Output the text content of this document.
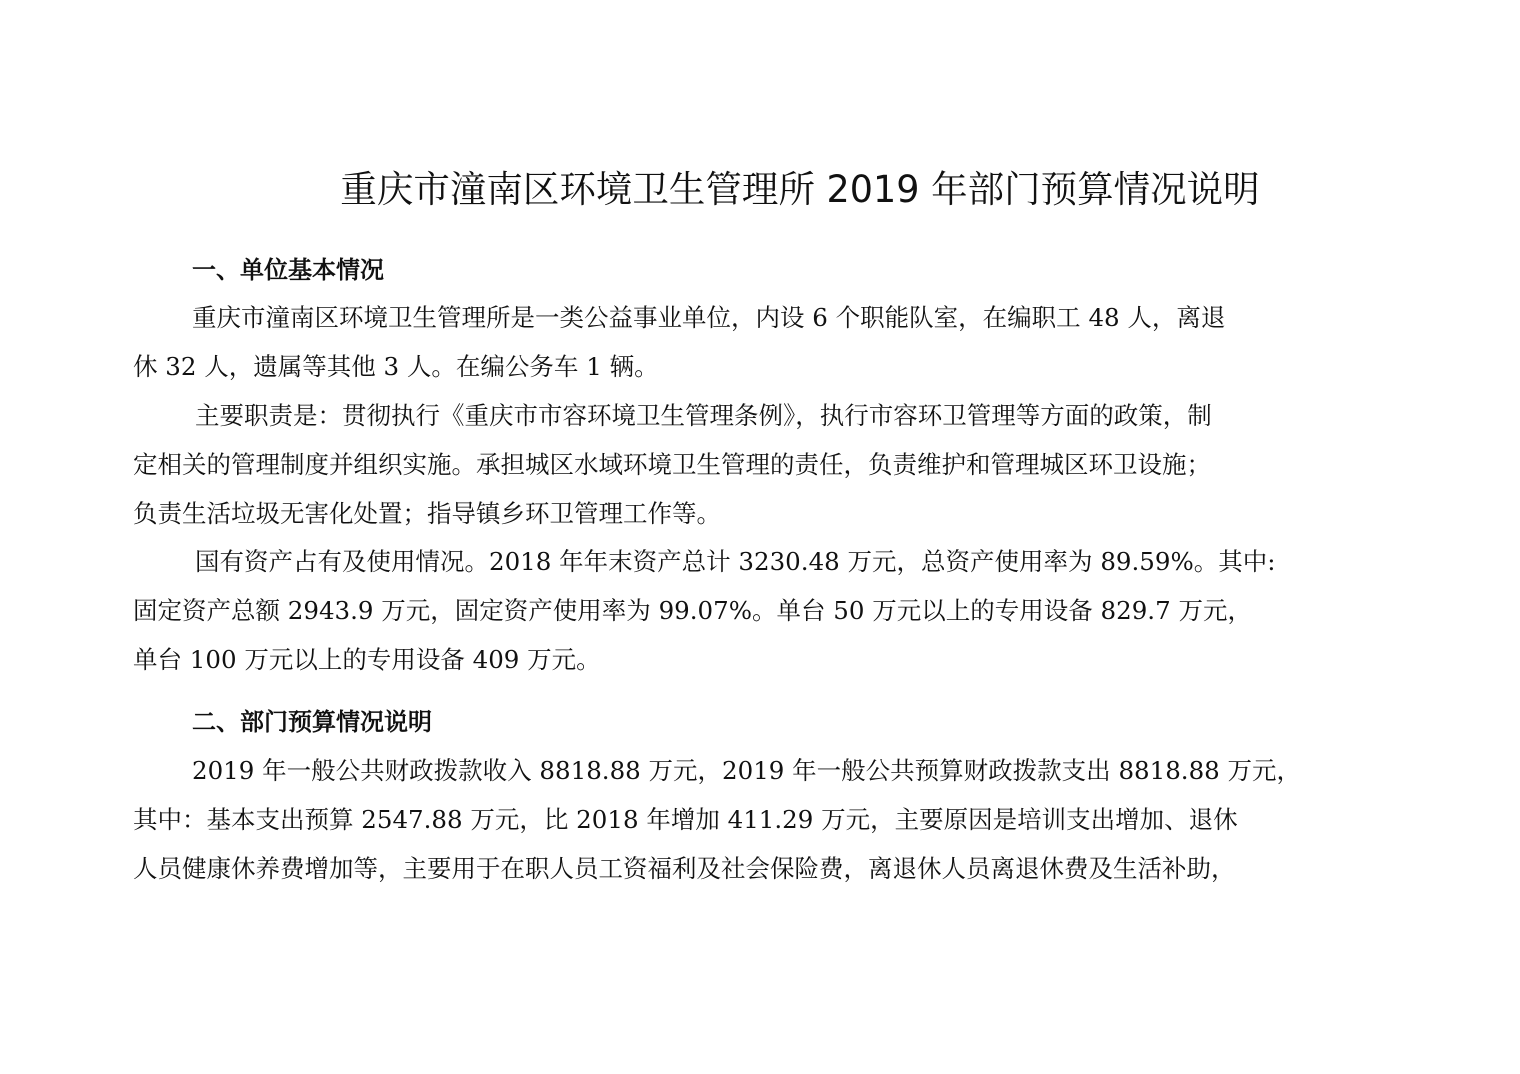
重庆市潼南区环境卫生管理所 2019 年部门预算情况说明
一、单位基本情况
重庆市潼南区环境卫生管理所是一类公益事业单位，内设 6 个职能队室，在编职工 48 人，离退
休 32 人，遗属等其他 3 人。在编公务车 1 辆。
主要职责是：贯彻执行《重庆市市容环境卫生管理条例》，执行市容环卫管理等方面的政策，制
定相关的管理制度并组织实施。承担城区水域环境卫生管理的责任，负责维护和管理城区环卫设施；
负责生活垃圾无害化处置；指导镇乡环卫管理工作等。
国有资产占有及使用情况。2018 年年末资产总计 3230.48 万元，总资产使用率为 89.59%。其中:
固定资产总额 2943.9 万元，固定资产使用率为 99.07%。单台 50 万元以上的专用设备 829.7 万元，
单台 100 万元以上的专用设备 409 万元。
二、部门预算情况说明
2019 年一般公共财政拨款收入 8818.88 万元，2019 年一般公共预算财政拨款支出 8818.88 万元，
其中：基本支出预算 2547.88 万元，比 2018 年增加 411.29 万元，主要原因是培训支出增加、退休
人员健康休养费增加等，主要用于在职人员工资福利及社会保险费，离退休人员离退休费及生活补助，
